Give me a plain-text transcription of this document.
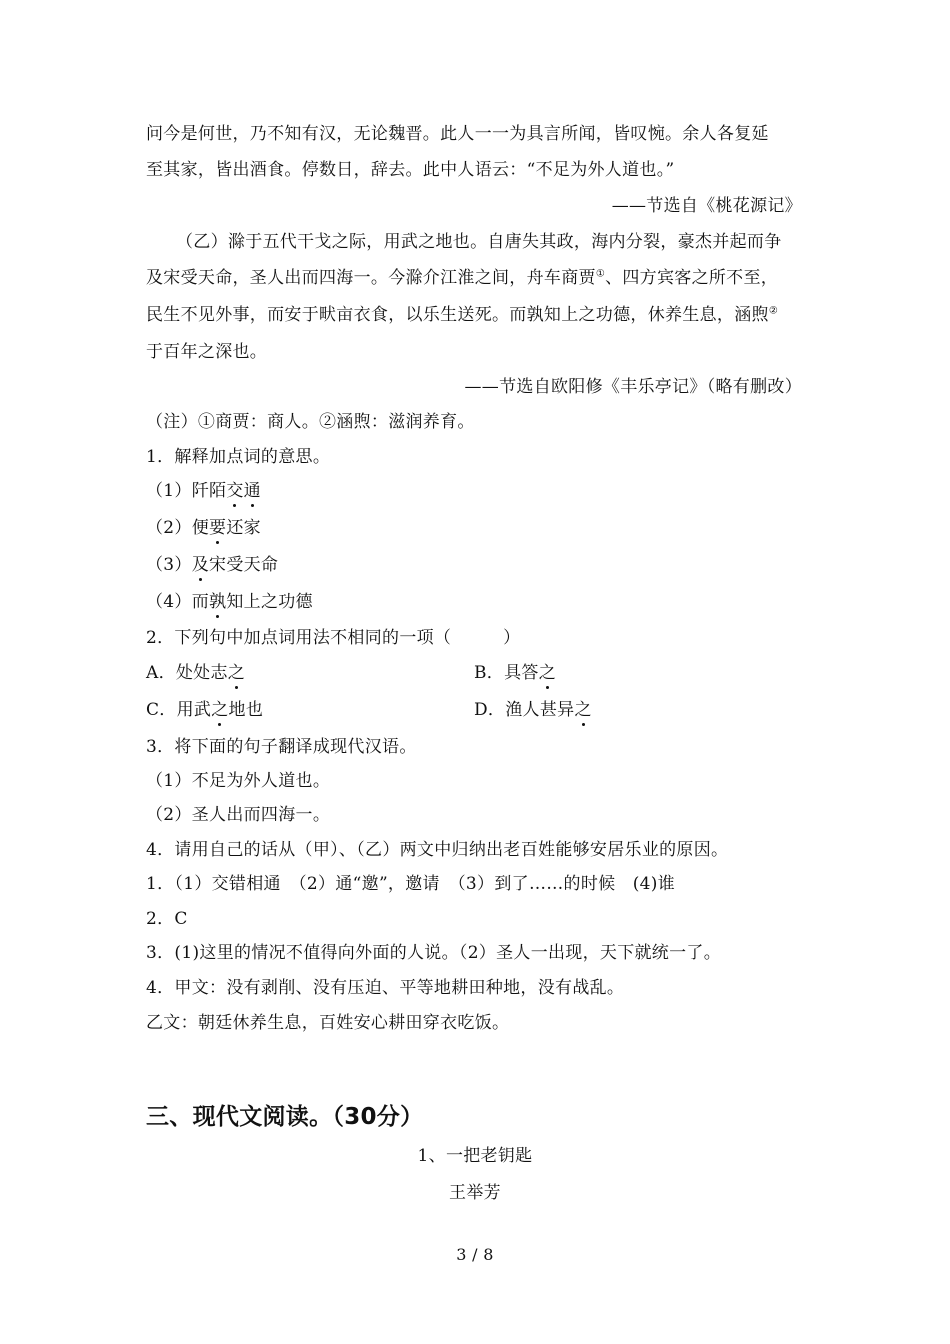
问今是何世，乃不知有汉，无论魏晋。此人一一为具言所闻，皆叹惋。余人各复延
至其家，皆出酒食。停数日，辞去。此中人语云：“不足为外人道也。”
——节选自《桃花源记》
（乙）滁于五代干戈之际，用武之地也。自唐失其政，海内分裂，豪杰并起而争
及宋受天命，圣人出而四海一。今滁介江淮之间，舟车商贾①、四方宾客之所不至，
民生不见外事，而安于畎亩衣食，以乐生送死。而孰知上之功德，休养生息，涵煦②
于百年之深也。
——节选自欧阳修《丰乐亭记》（略有删改）
（注）①商贾：商人。②涵煦：滋润养育。
1．解释加点词的意思。
（1）阡陌交通
（2）便要还家
（3）及宋受天命
（4）而孰知上之功德
2．下列句中加点词用法不相同的一项（　　　）
A．处处志之	B．具答之
C．用武之地也	D．渔人甚异之
3．将下面的句子翻译成现代汉语。
（1）不足为外人道也。
（2）圣人出而四海一。
4．请用自己的话从（甲）、（乙）两文中归纳出老百姓能够安居乐业的原因。
1．（1）交错相通　（2）通“邀”，邀请　（3）到了……的时候　(4)谁
2．C
3．(1)这里的情况不值得向外面的人说。（2）圣人一出现，天下就统一了。
4．甲文：没有剥削、没有压迫、平等地耕田种地，没有战乱。
乙文：朝廷休养生息，百姓安心耕田穿衣吃饭。
三、现代文阅读。（30分）
1、一把老钥匙
王举芳
3 / 8
